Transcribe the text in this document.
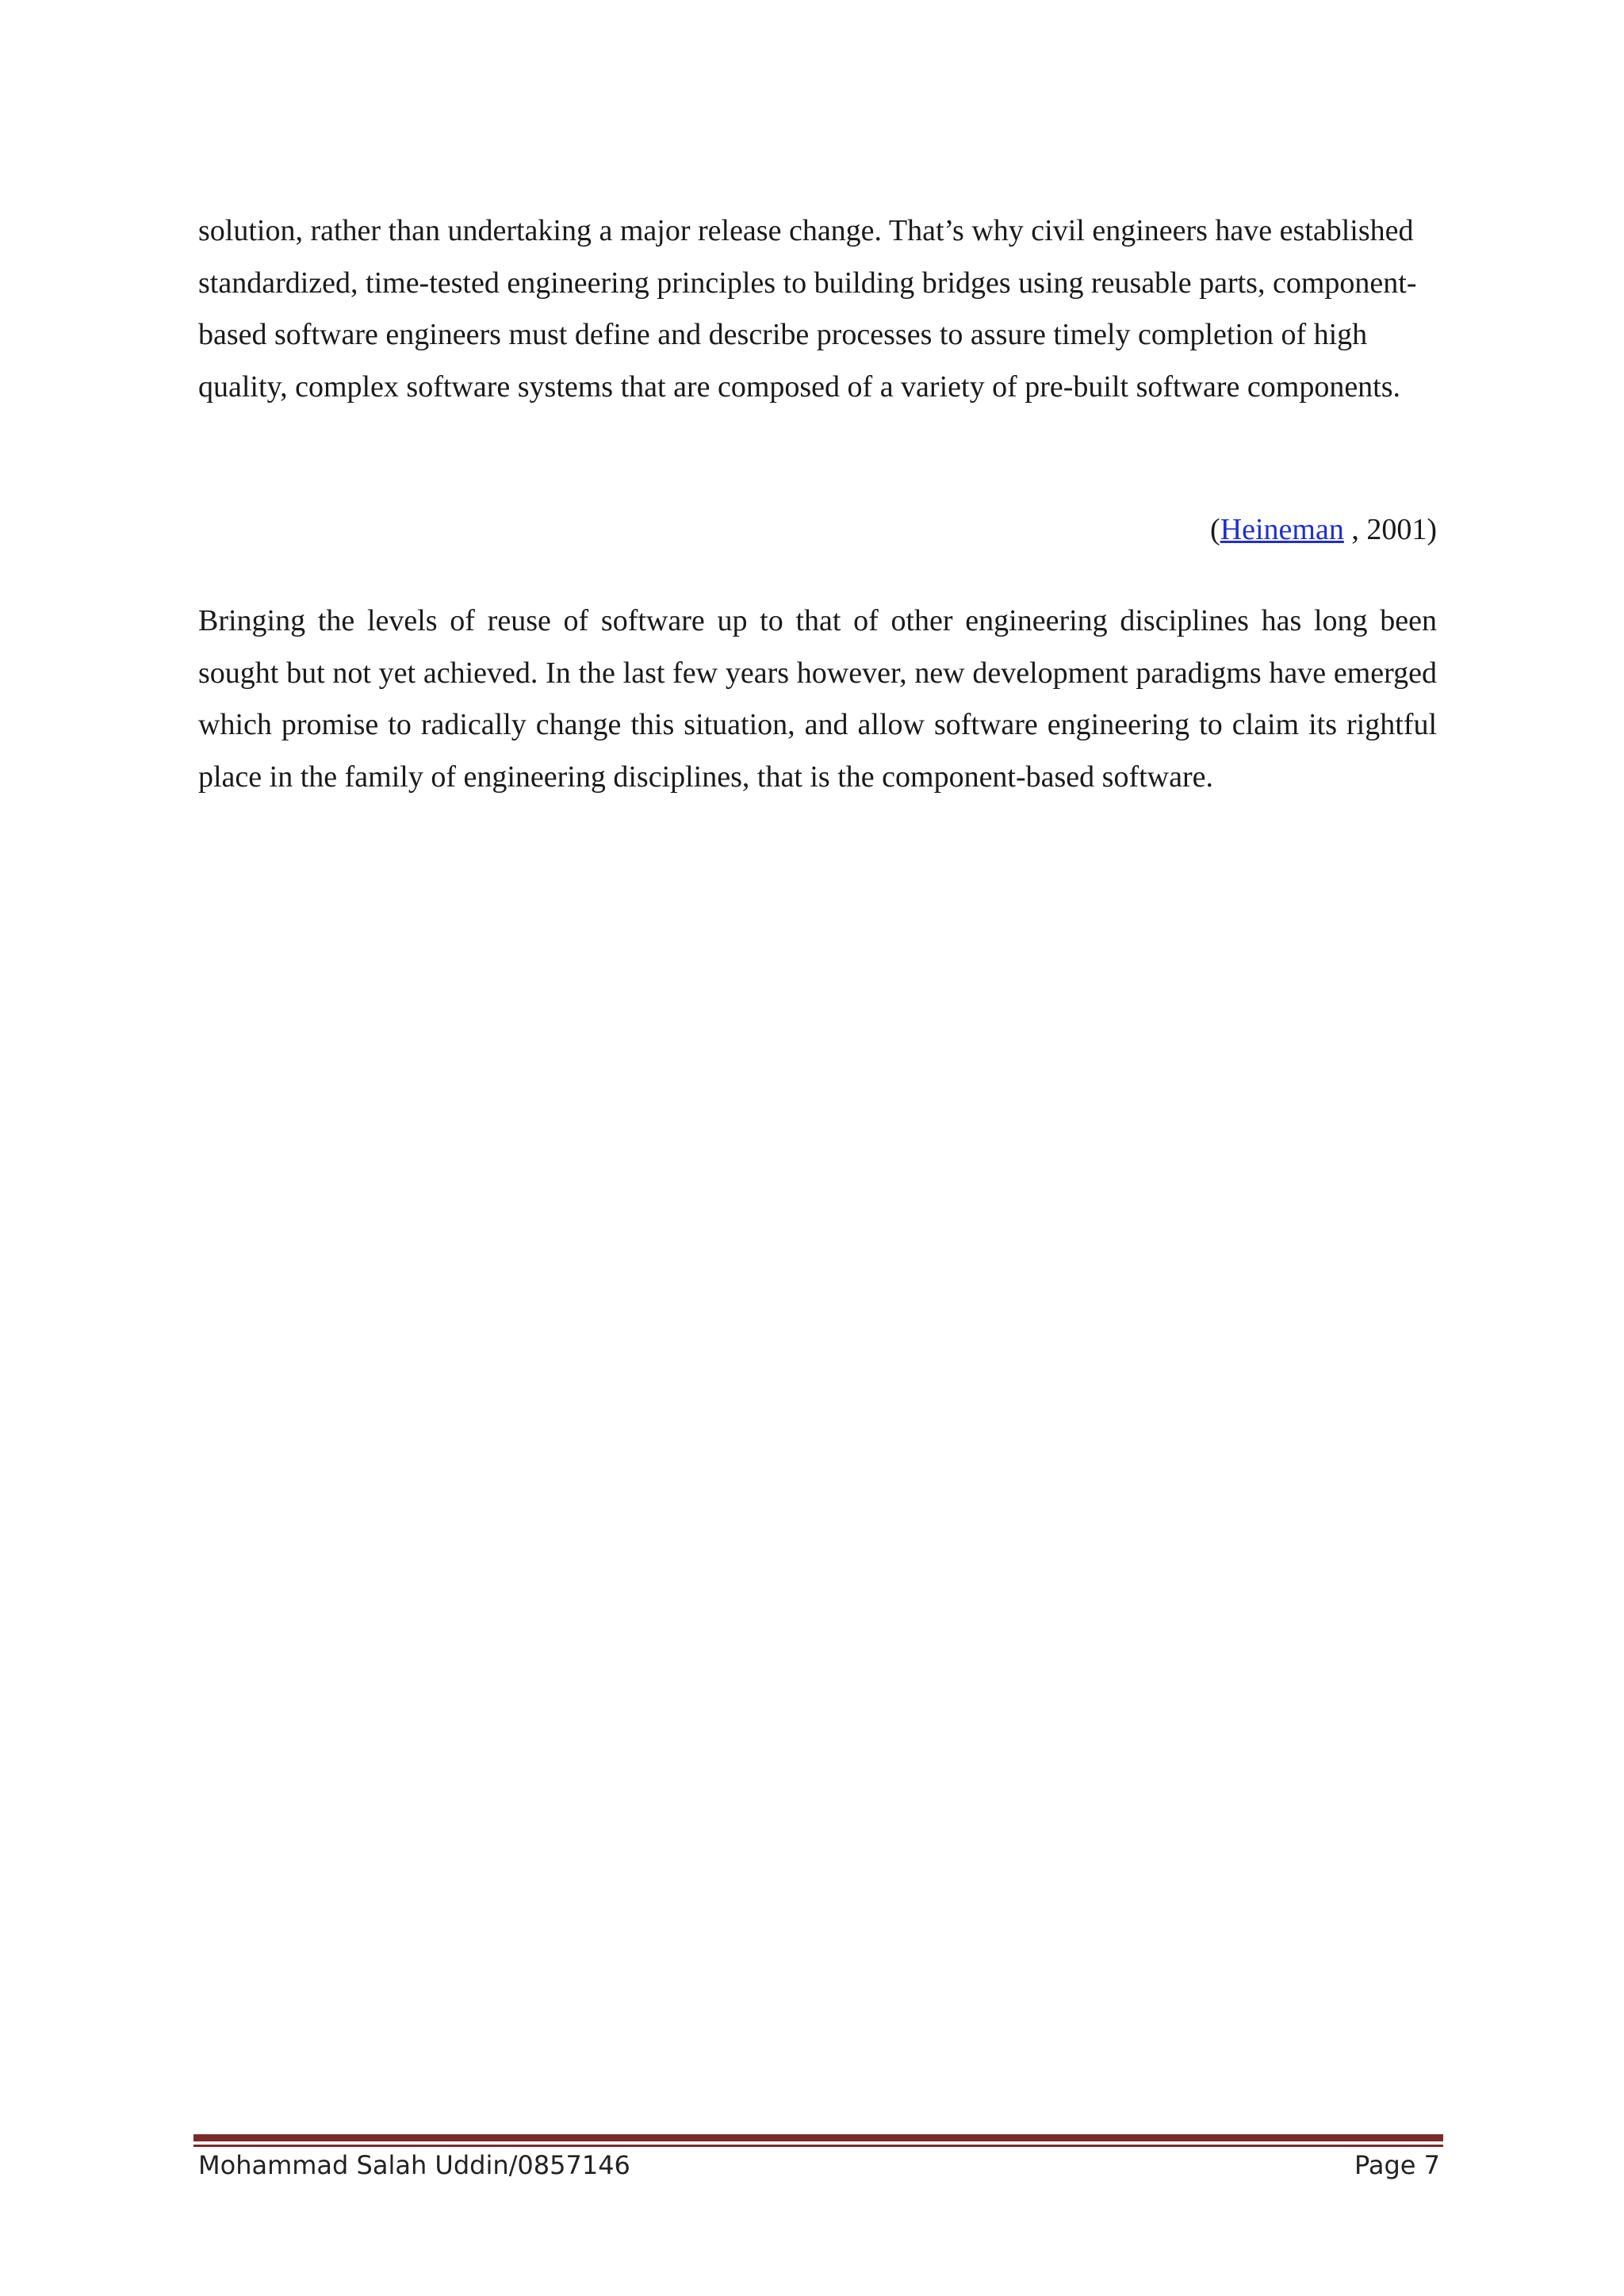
solution, rather than undertaking a major release change. That’s why civil engineers have established standardized, time-tested engineering principles to building bridges using reusable parts, component-based software engineers must define and describe processes to assure timely completion of high quality, complex software systems that are composed of a variety of pre-built software components.

(Heineman , 2001)

Bringing the levels of reuse of software up to that of other engineering disciplines has long been sought but not yet achieved. In the last few years however, new development paradigms have emerged which promise to radically change this situation, and allow software engineering to claim its rightful place in the family of engineering disciplines, that is the component-based software.

Mohammad Salah Uddin/0857146	Page 7
